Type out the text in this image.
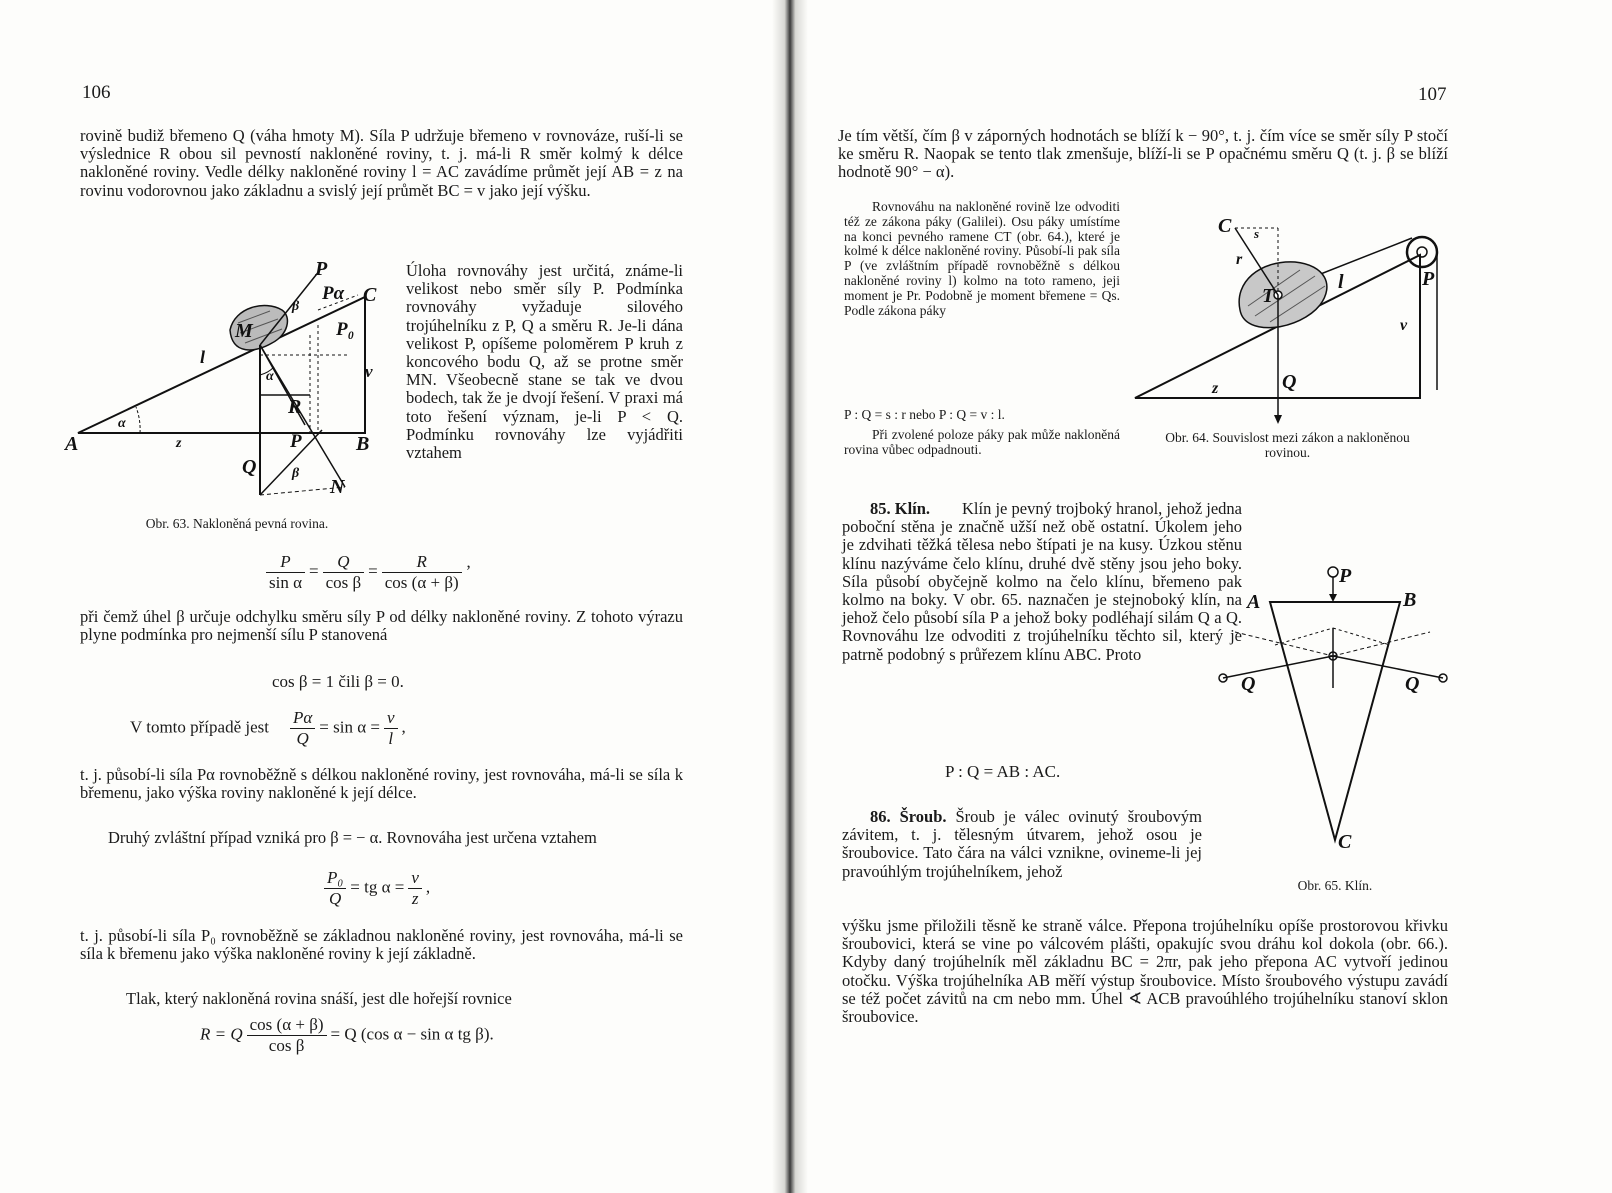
106
rovině budiž břemeno Q (váha hmoty M). Síla P udržuje břemeno v rovnováze, ruší-li se výslednice R obou sil pevností nakloněné roviny, t. j. má-li R směr kolmý k délce nakloněné roviny. Vedle délky nakloněné roviny l = AC zavádíme průmět její AB = z na rovinu vodorovnou jako základnu a svislý její průmět BC = v jako její výšku.
A	B
C
M
N
P
Pα
P₀
P
Q
R
l
v
z
α
α
β
β
Obr. 63. Nakloněná pevná rovina.
Úloha rovnováhy jest určitá, známe-li velikost nebo směr síly P. Podmínka rovnováhy vyžaduje silového trojúhelníku z P, Q a směru R. Je-li dána velikost P, opíšeme poloměrem P kruh z koncového bodu Q, až se protne směr MN. Všeobecně stane se tak ve dvou bodech, tak že je dvojí řešení. V praxi má toto řešení význam, je-li P < Q. Podmínku rovnováhy lze vyjádřiti vztahem
$\frac{P}{\text{sin α}} = \frac{Q}{\text{cos β}} = \frac{R}{\cos (\alpha + \beta)}$ ’
při čemž úhel β určuje odchylku směru síly P od délky nakloněné roviny. Z tohoto výrazu plyne podmínka pro nejmenší sílu P stanovená
cos β = 1 čili β = 0.
V tomto případě jest $\frac{P\alpha}{Q} = \sin \alpha = \frac{v}{l}$ ,
t. j. působí-li síla Pα rovnoběžně s délkou nakloněné roviny, jest rovnováha, má-li se síla k břemenu, jako výška roviny nakloněné k její délce.
Druhý zvláštní případ vzniká pro β = − α. Rovnováha jest určena vztahem
$\frac{\text{P₀}}{Q}$ = tg $\alpha = \frac{v}{z}$ ,
t. j. působí-li síla P₀ rovnoběžně se základnou nakloněné roviny, jest rovnováha, má-li se síla k břemenu jako výška nakloněné roviny k její základně.
Tlak, který nakloněná rovina snáší, jest dle hořejší rovnice
R = Q $\frac{\cos (\alpha + \beta)}{\text{cos β}} = Q$ (cos α − sin α tg β).
107
Je tím větší, čím β v záporných hodnotách se blíží k − 90°, t. j. čím více se směr síly P stočí ke směru R. Naopak se tento tlak zmenšuje, blíží-li se P opačnému směru Q (t. j. β se blíží hodnotě 90° − α).
Rovnováhu na nakloněné rovině lze odvoditi též ze zákona páky (Galilei). Osu páky umístíme na konci pevného ramene CT (obr. 64.), které je kolmé k délce nakloněné roviny. Působí-li pak síla P (ve zvláštním případě rovnoběžně s délkou nakloněné roviny l) kolmo na toto rameno, jeji moment je Pr. Podobně je moment břemene = Qs. Podle zákona páky
P : Q = s : r nebo P : Q = v : l.
Při zvolené poloze páky pak může nakloněná rovina vůbec odpadnouti.
C s
r
T
l	P
v
z	Q
Obr. 64. Souvislost mezi zákon a nakloněnou rovinou.
85. Klín.	Klín je pevný trojboký hranol, jehož jedna poboční stěna je značně užší než obě ostatní. Úkolem jeho je zdvihati těžká tělesa nebo štípati je na kusy. Úzkou stěnu klínu nazýváme čelo klínu, druhé dvě stěny jsou jeho boky. Síla působí obyčejně kolmo na čelo klínu, břemeno pak kolmo na boky. V obr. 65. naznačen je stejnoboký klín, na jehož čelo působí síla P a jehož boky podléhají silám Q a Q. Rovnováhu lze odvoditi z trojúhelníku těchto sil, který je patrně podobný s průřezem klínu ABC. Proto

P : Q = AB : AC.
P
A	B
Q	Q
C
Obr. 65. Klín.

86. Šroub. Šroub je válec ovinutý šroubovým závitem, t. j. tělesným útvarem, jehož osou je šroubovice. Tato čára na válci vznikne, ovineme-li jej pravoúhlým trojúhelníkem, jehož

výšku jsme přiložili těsně ke straně válce. Přepona trojúhelníku opíše prostorovou křivku šroubovici, která se vine po válcovém plášti, opakujíc svou dráhu kol dokola (obr. 66.). Kdyby daný trojúhelník měl základnu BC = 2πr, pak jeho přepona AC vytvoří jedinou otočku. Výška trojúhelníka AB měří výstup šroubovice. Místo šroubového výstupu zavádí se též počet závitů na cm nebo mm. Úhel ∢ ACB pravoúhlého trojúhelníku stanoví sklon šroubovice.
